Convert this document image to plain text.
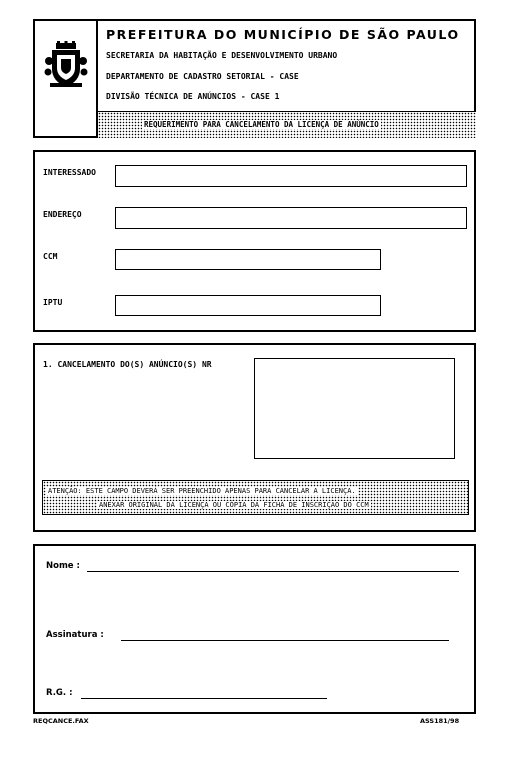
PREFEITURA DO MUNICÍPIO DE SÃO PAULO
SECRETARIA DA HABITAÇÃO E DESENVOLVIMENTO URBANO
DEPARTAMENTO DE CADASTRO SETORIAL - CASE
DIVISÃO TÉCNICA DE ANÚNCIOS - CASE 1
REQUERIMENTO PARA CANCELAMENTO DA LICENÇA DE ANÚNCIO
INTERESSADO
ENDEREÇO
CCM
IPTU
1. CANCELAMENTO DO(S) ANÚNCIO(S) NR
ATENÇÃO: ESTE CAMPO DEVERÁ SER PREENCHIDO APENAS PARA CANCELAR A LICENÇA.
ANEXAR ORIGINAL DA LICENÇA OU CÓPIA DA FICHA DE INSCRIÇÃO DO CCM
Nome :
Assinatura :
R.G. :
REQCANCE.FAX	ASS181/98
